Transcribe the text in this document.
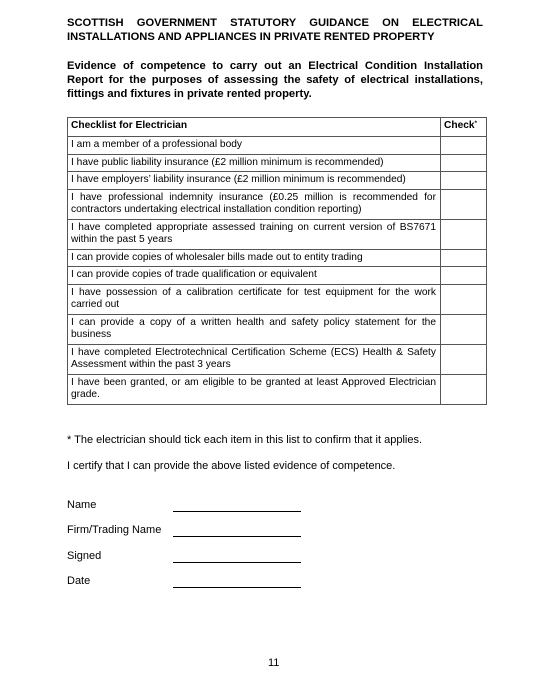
SCOTTISH GOVERNMENT STATUTORY GUIDANCE ON ELECTRICAL INSTALLATIONS AND APPLIANCES IN PRIVATE RENTED PROPERTY
Evidence of competence to carry out an Electrical Condition Installation Report for the purposes of assessing the safety of electrical installations, fittings and fixtures in private rented property.
Checklist for Electrician	Check*
I am a member of a professional body	
I have public liability insurance (£2 million minimum is recommended)	
I have employers’ liability insurance (£2 million minimum is recommended)	
I have professional indemnity insurance (£0.25 million is recommended for contractors undertaking electrical installation condition reporting)	
I have completed appropriate assessed training on current version of BS7671 within the past 5 years	
I can provide copies of wholesaler bills made out to entity trading	
I can provide copies of trade qualification or equivalent	
I have possession of a calibration certificate for test equipment for the work carried out	
I can provide a copy of a written health and safety policy statement for the business	
I have completed Electrotechnical Certification Scheme (ECS) Health & Safety Assessment within the past 3 years	
I have been granted, or am eligible to be granted at least Approved Electrician grade.	
* The electrician should tick each item in this list to confirm that it applies.
I certify that I can provide the above listed evidence of competence.
Name
Firm/Trading Name
Signed
Date
11
